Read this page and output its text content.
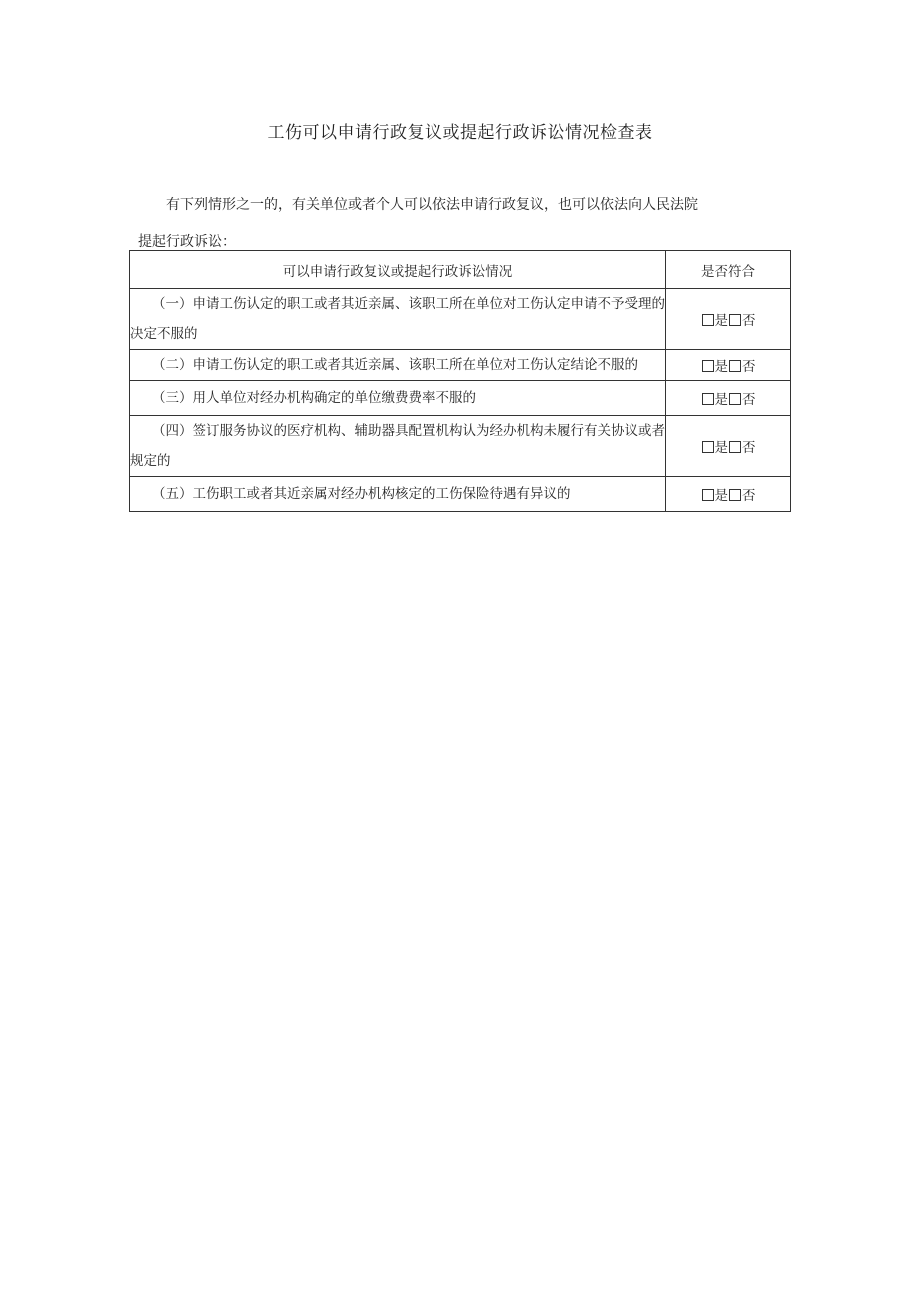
工伤可以申请行政复议或提起行政诉讼情况检查表
有下列情形之一的，有关单位或者个人可以依法申请行政复议，也可以依法向人民法院
提起行政诉讼：
可以申请行政复议或提起行政诉讼情况	是否符合
（一）申请工伤认定的职工或者其近亲属、该职工所在单位对工伤认定申请不予受理的决定不服的	是 否
（二）申请工伤认定的职工或者其近亲属、该职工所在单位对工伤认定结论不服的	是 否
（三）用人单位对经办机构确定的单位缴费费率不服的	是 否
（四）签订服务协议的医疗机构、辅助器具配置机构认为经办机构未履行有关协议或者规定的	是 否
（五）工伤职工或者其近亲属对经办机构核定的工伤保险待遇有异议的	是 否
